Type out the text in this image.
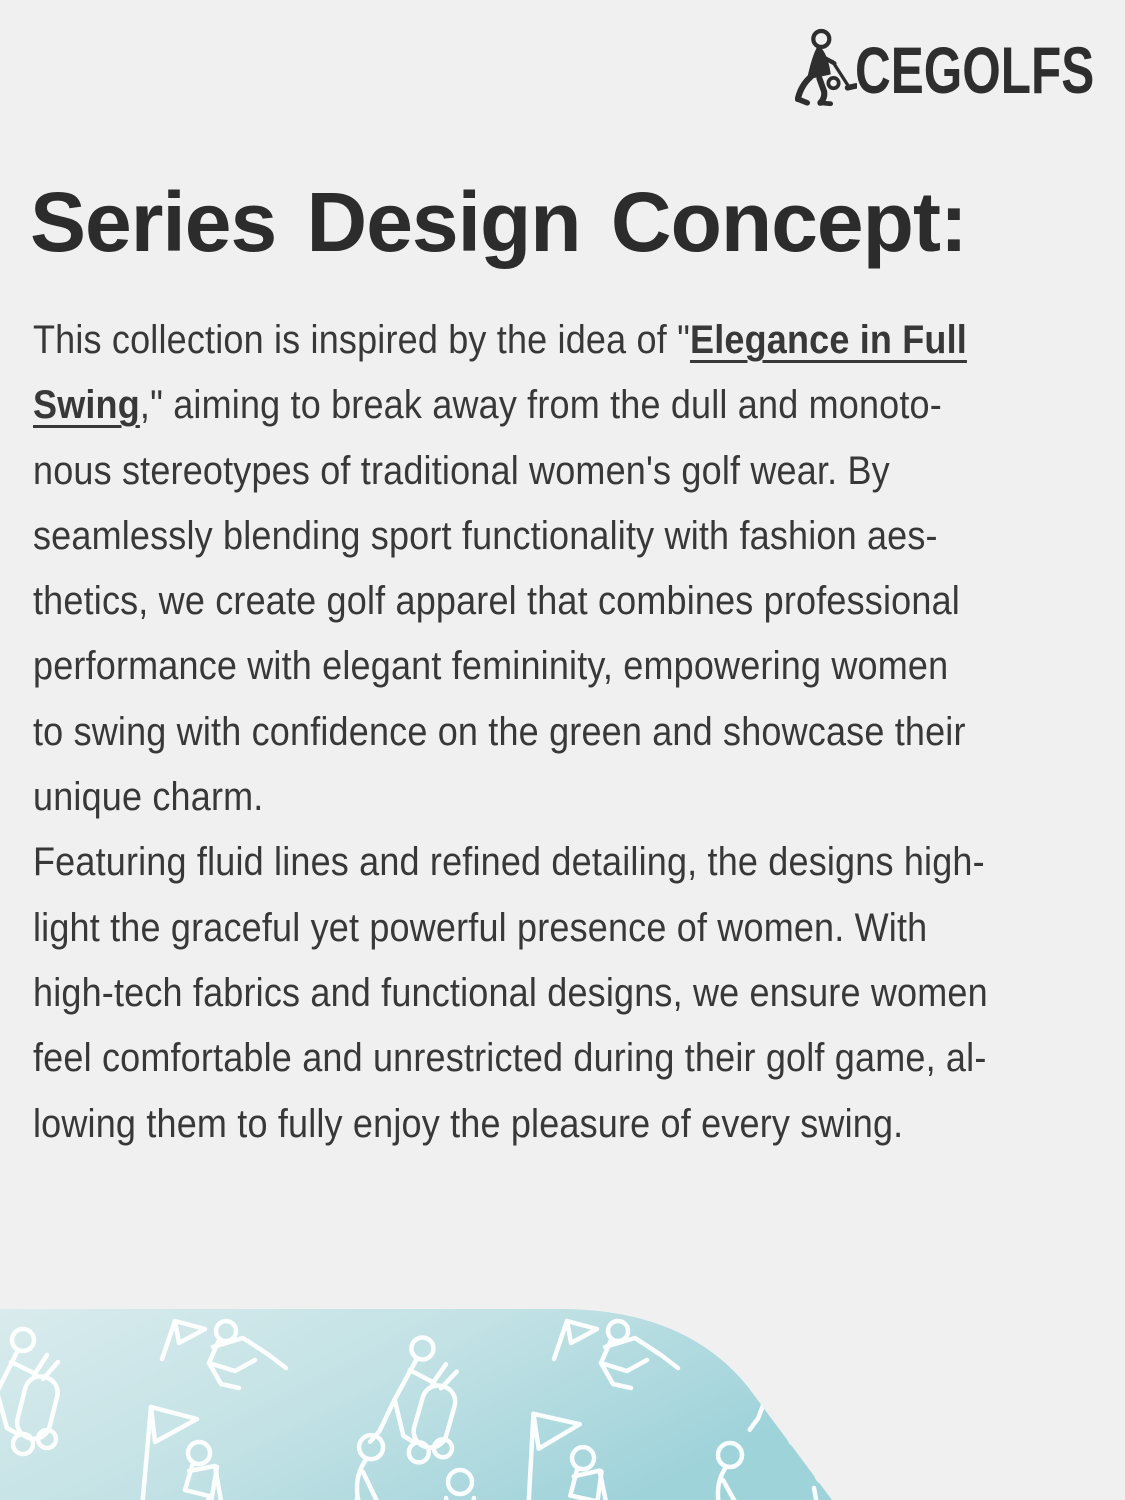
CEGOLFS
Series Design Concept:
This collection is inspired by the idea of "Elegance in Full
Swing," aiming to break away from the dull and monoto-
nous stereotypes of traditional women's golf wear. By
seamlessly blending sport functionality with fashion aes-
thetics, we create golf apparel that combines professional
performance with elegant femininity, empowering women
to swing with confidence on the green and showcase their
unique charm.
Featuring fluid lines and refined detailing, the designs high-
light the graceful yet powerful presence of women. With
high-tech fabrics and functional designs, we ensure women
feel comfortable and unrestricted during their golf game, al-
lowing them to fully enjoy the pleasure of every swing.
